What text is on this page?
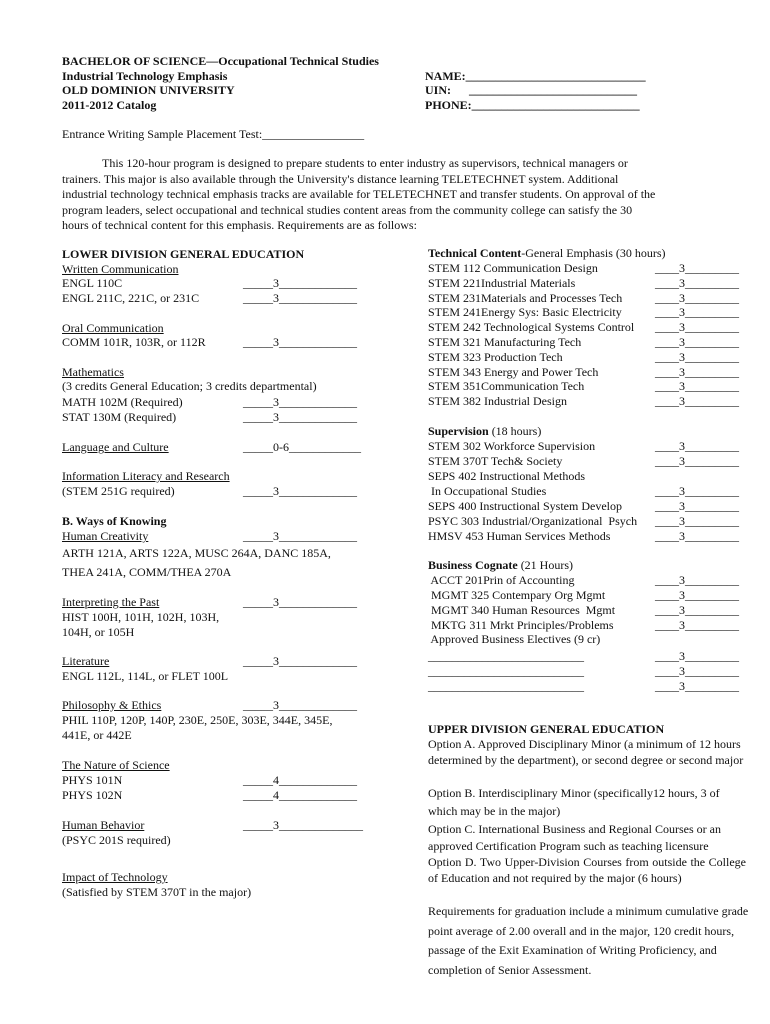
BACHELOR OF SCIENCE—Occupational Technical Studies
Industrial Technology Emphasis
OLD DOMINION UNIVERSITY
2011-2012 Catalog
NAME:______________________________
UIN:      ____________________________
PHONE:____________________________
Entrance Writing Sample Placement Test:_________________
This 120-hour program is designed to prepare students to enter industry as supervisors, technical managers or trainers. This major is also available through the University's distance learning TELETECHNET system. Additional industrial technology technical emphasis tracks are available for TELETECHNET and transfer students. On approval of the program leaders, select occupational and technical studies content areas from the community college can satisfy the 30 hours of technical content for this emphasis. Requirements are as follows:
LOWER DIVISION GENERAL EDUCATION
Written Communication
ENGL 110C	_____3_____________
ENGL 211C, 221C, or 231C	_____3_____________
Oral Communication
COMM 101R, 103R, or 112R	_____3_____________
Mathematics
(3 credits General Education; 3 credits departmental)
MATH 102M (Required)	_____3_____________
STAT 130M (Required)	_____3_____________
Language and Culture	_____0-6____________
Information Literacy and Research
(STEM 251G required)	_____3_____________
B. Ways of Knowing
Human Creativity	_____3_____________
ARTH 121A, ARTS 122A, MUSC 264A, DANC 185A,
THEA 241A, COMM/THEA 270A
Interpreting the Past	_____3_____________
HIST 100H, 101H, 102H, 103H,
104H, or 105H
Literature	_____3_____________
ENGL 112L, 114L, or FLET 100L
Philosophy & Ethics	_____3_____________
PHIL 110P, 120P, 140P, 230E, 250E, 303E, 344E, 345E,
441E, or 442E
The Nature of Science
PHYS 101N	_____4_____________
PHYS 102N	_____4_____________
Human Behavior	_____3______________
(PSYC 201S required)
Impact of Technology
(Satisfied by STEM 370T in the major)
Technical Content-General Emphasis (30 hours)
STEM 112 Communication Design	____3_________
STEM 221Industrial Materials	____3_________
STEM 231Materials and Processes Tech	____3_________
STEM 241Energy Sys: Basic Electricity	____3_________
STEM 242 Technological Systems Control ____3_________
STEM 321 Manufacturing Tech	____3_________
STEM 323 Production Tech	____3_________
STEM 343 Energy and Power Tech	____3_________
STEM 351Communication Tech	____3_________
STEM 382 Industrial Design	____3_________
Supervision (18 hours)
STEM 302 Workforce Supervision	____3_________
STEM 370T Tech& Society	____3_________
SEPS 402 Instructional Methods
In Occupational Studies	____3_________
SEPS 400 Instructional System Develop	____3_________
PSYC 303 Industrial/Organizational  Psych ____3_________
HMSV 453 Human Services Methods	____3_________
Business Cognate (21 Hours)
ACCT 201Prin of Accounting	____3_________
MGMT 325 Contempary Org Mgmt	____3_________
MGMT 340 Human Resources  Mgmt	____3_________
MKTG 311 Mrkt Principles/Problems	____3_________
Approved Business Electives (9 cr)
__________________________	____3_________
__________________________	____3_________
__________________________	____3_________
UPPER DIVISION GENERAL EDUCATION
Option A. Approved Disciplinary Minor (a minimum of 12 hours determined by the department), or second degree or second major
Option B. Interdisciplinary Minor (specifically12 hours, 3 of which may be in the major)
Option C. International Business and Regional Courses or an approved Certification Program such as teaching licensure
Option D. Two Upper-Division Courses from outside the College of Education and not required by the major (6 hours)
Requirements for graduation include a minimum cumulative grade point average of 2.00 overall and in the major, 120 credit hours, passage of the Exit Examination of Writing Proficiency, and completion of Senior Assessment.
